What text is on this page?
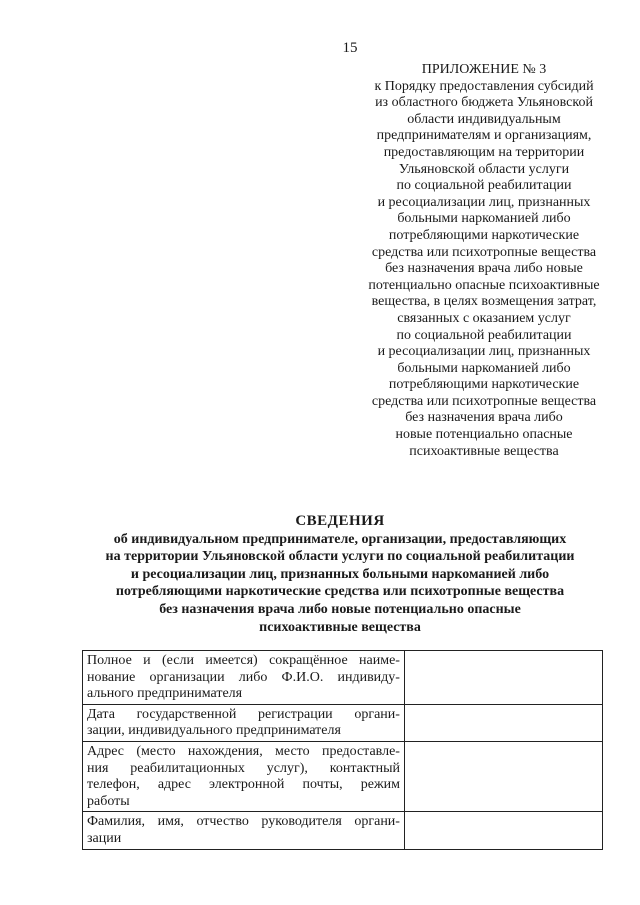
15
ПРИЛОЖЕНИЕ № 3
к Порядку предоставления субсидий
из областного бюджета Ульяновской
области индивидуальным
предпринимателям и организациям,
предоставляющим на территории
Ульяновской области услуги
по социальной реабилитации
и ресоциализации лиц, признанных
больными наркоманией либо
потребляющими наркотические
средства или психотропные вещества
без назначения врача либо новые
потенциально опасные психоактивные
вещества, в целях возмещения затрат,
связанных с оказанием услуг
по социальной реабилитации
и ресоциализации лиц, признанных
больными наркоманией либо
потребляющими наркотические
средства или психотропные вещества
без назначения врача либо
новые потенциально опасные
психоактивные вещества
СВЕДЕНИЯ
об индивидуальном предпринимателе, организации, предоставляющих
на территории Ульяновской области услуги по социальной реабилитации
и ресоциализации лиц, признанных больными наркоманией либо
потребляющими наркотические средства или психотропные вещества
без назначения врача либо новые потенциально опасные
психоактивные вещества
Полное и (если имеется) сокращённое наиме-
нование организации либо Ф.И.О. индивиду-
ального предпринимателя	

Дата государственной регистрации органи-
зации, индивидуального предпринимателя	

Адрес (место нахождения, место предоставле-
ния реабилитационных услуг), контактный
телефон, адрес электронной почты, режим
работы	

Фамилия, имя, отчество руководителя органи-
зации	
